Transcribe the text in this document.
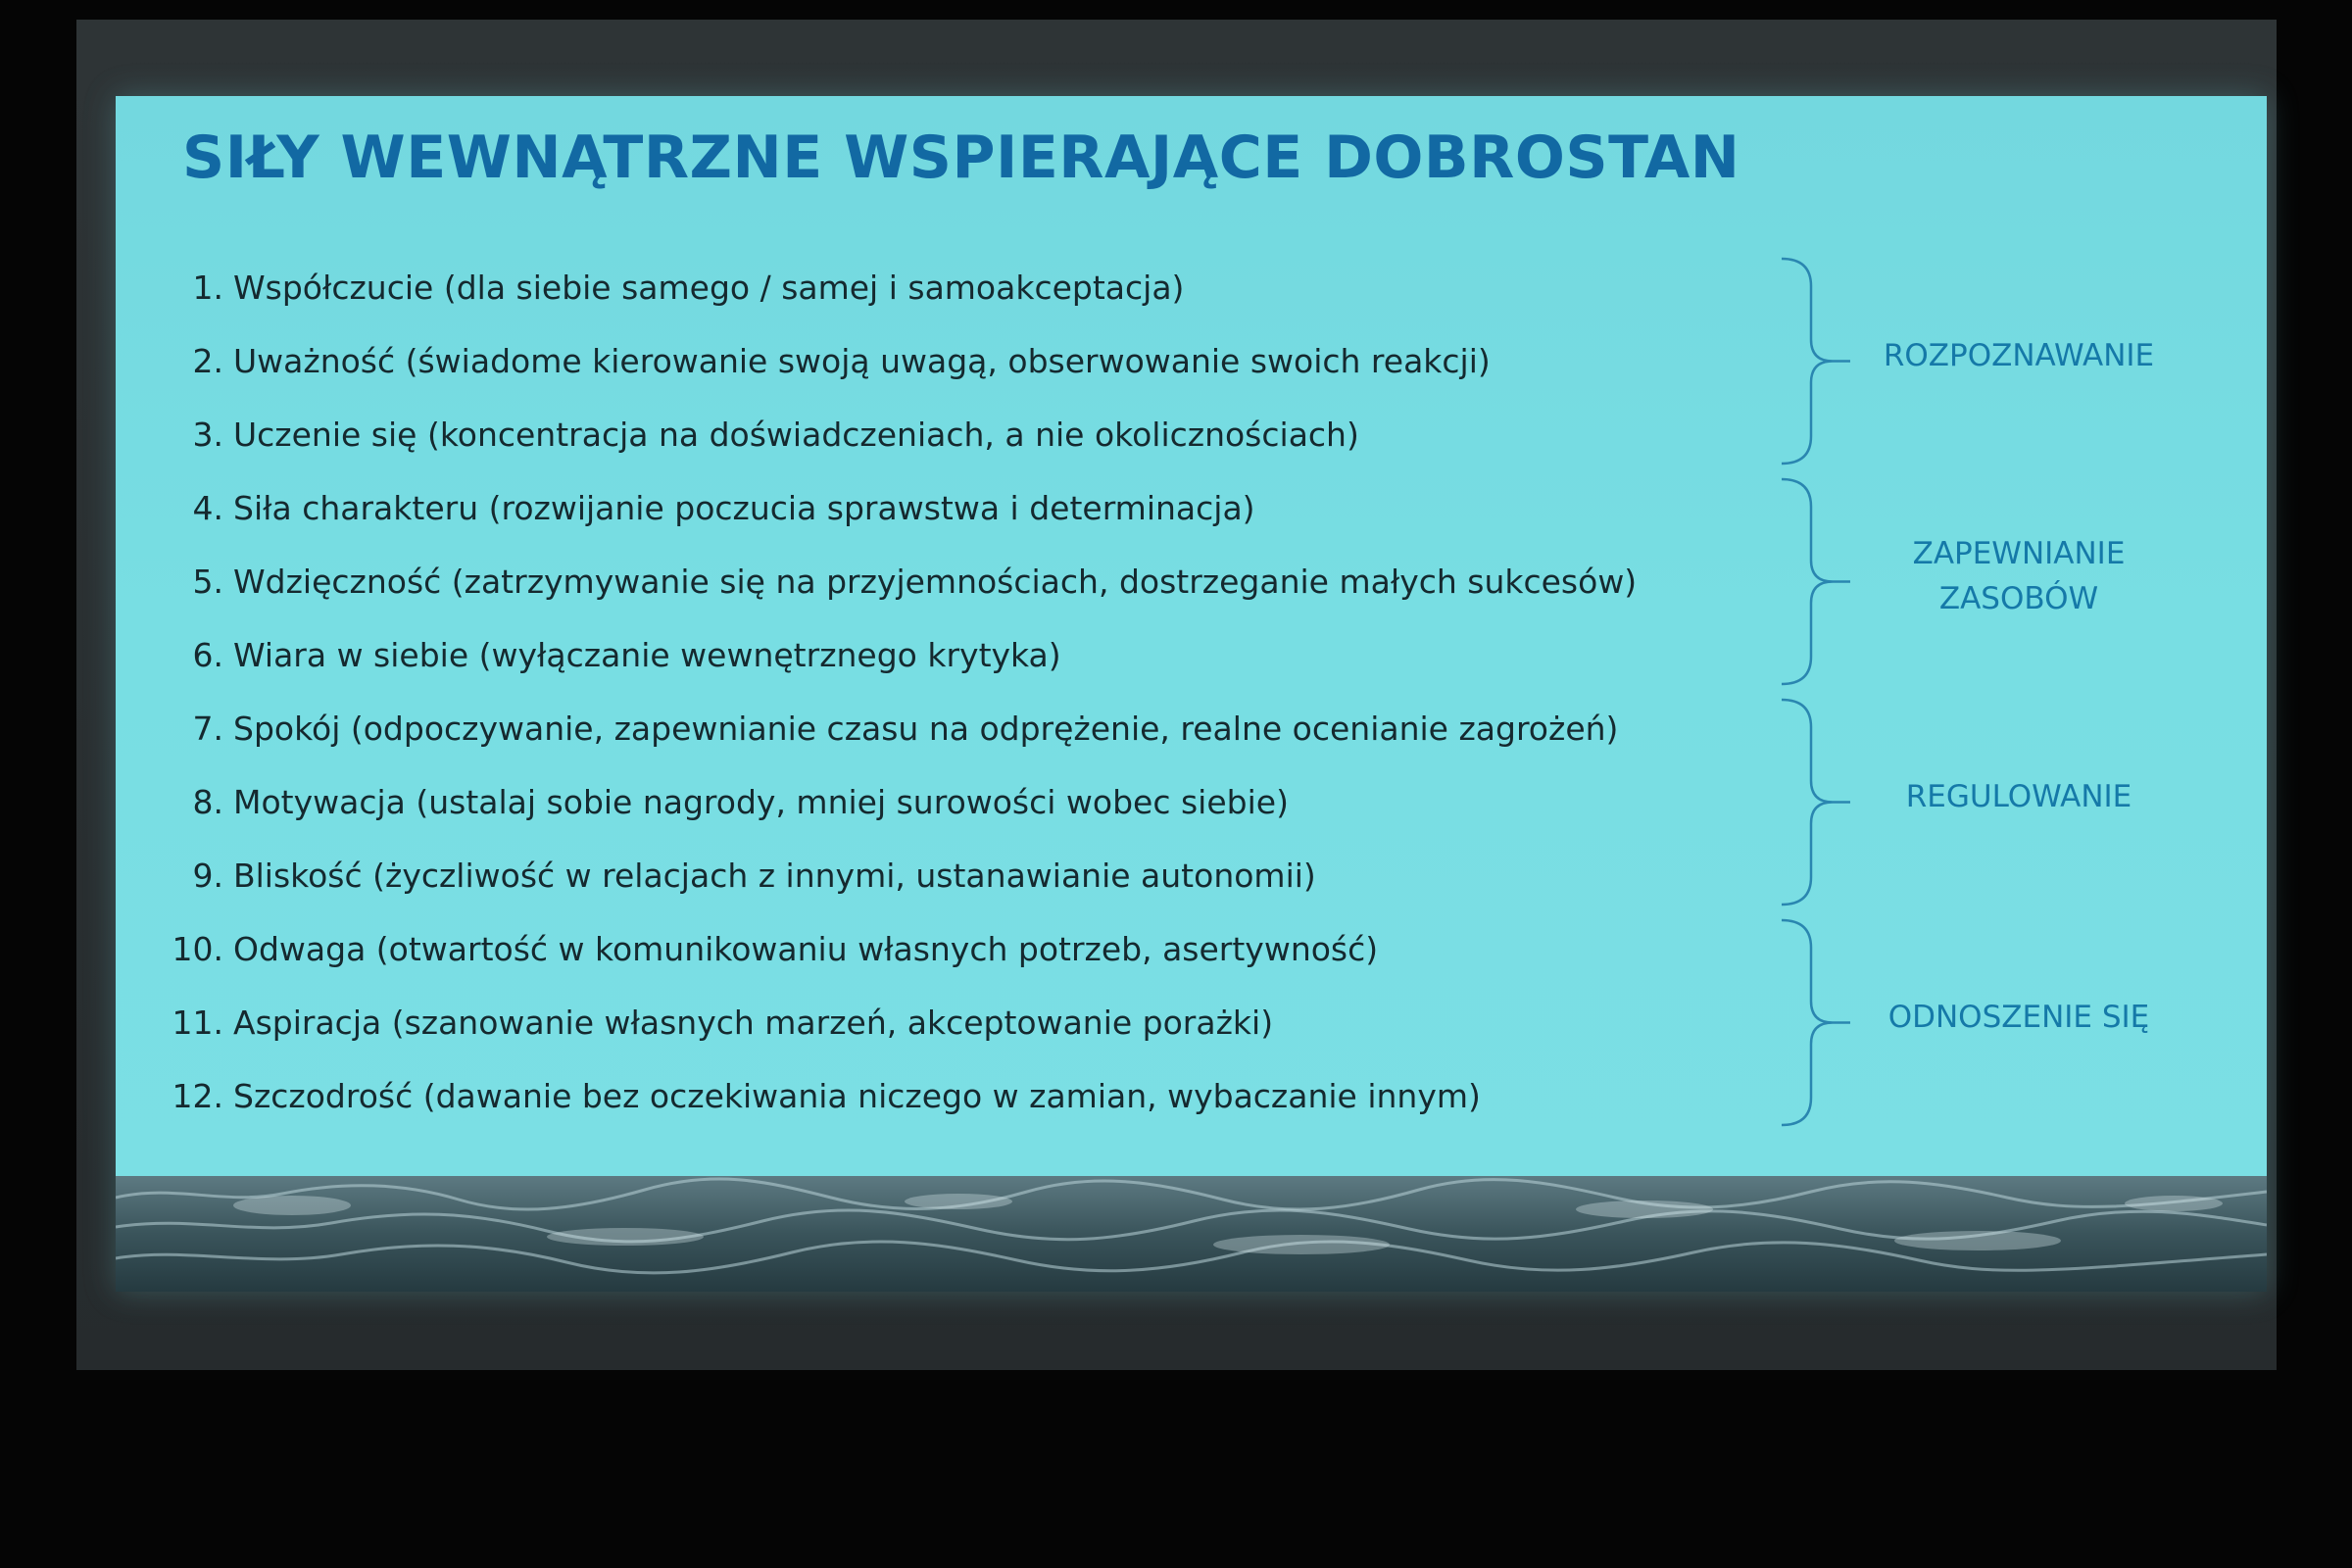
SIŁY WEWNĄTRZNE WSPIERAJĄCE DOBROSTAN
1. Współczucie (dla siebie samego / samej i samoakceptacja)
2. Uważność (świadome kierowanie swoją uwagą, obserwowanie swoich reakcji)
3. Uczenie się (koncentracja na doświadczeniach, a nie okolicznościach)
4. Siła charakteru (rozwijanie poczucia sprawstwa i determinacja)
5. Wdzięczność (zatrzymywanie się na przyjemnościach, dostrzeganie małych sukcesów)
6. Wiara w siebie (wyłączanie wewnętrznego krytyka)
7. Spokój (odpoczywanie, zapewnianie czasu na odprężenie, realne ocenianie zagrożeń)
8. Motywacja (ustalaj sobie nagrody, mniej surowości wobec siebie)
9. Bliskość (życzliwość w relacjach z innymi, ustanawianie autonomii)
10. Odwaga (otwartość w komunikowaniu własnych potrzeb, asertywność)
11. Aspiracja (szanowanie własnych marzeń, akceptowanie porażki)
12. Szczodrość (dawanie bez oczekiwania niczego w zamian, wybaczanie innym)
ROZPOZNAWANIE
ZAPEWNIANIE
ZASOBÓW
REGULOWANIE
ODNOSZENIE SIĘ
